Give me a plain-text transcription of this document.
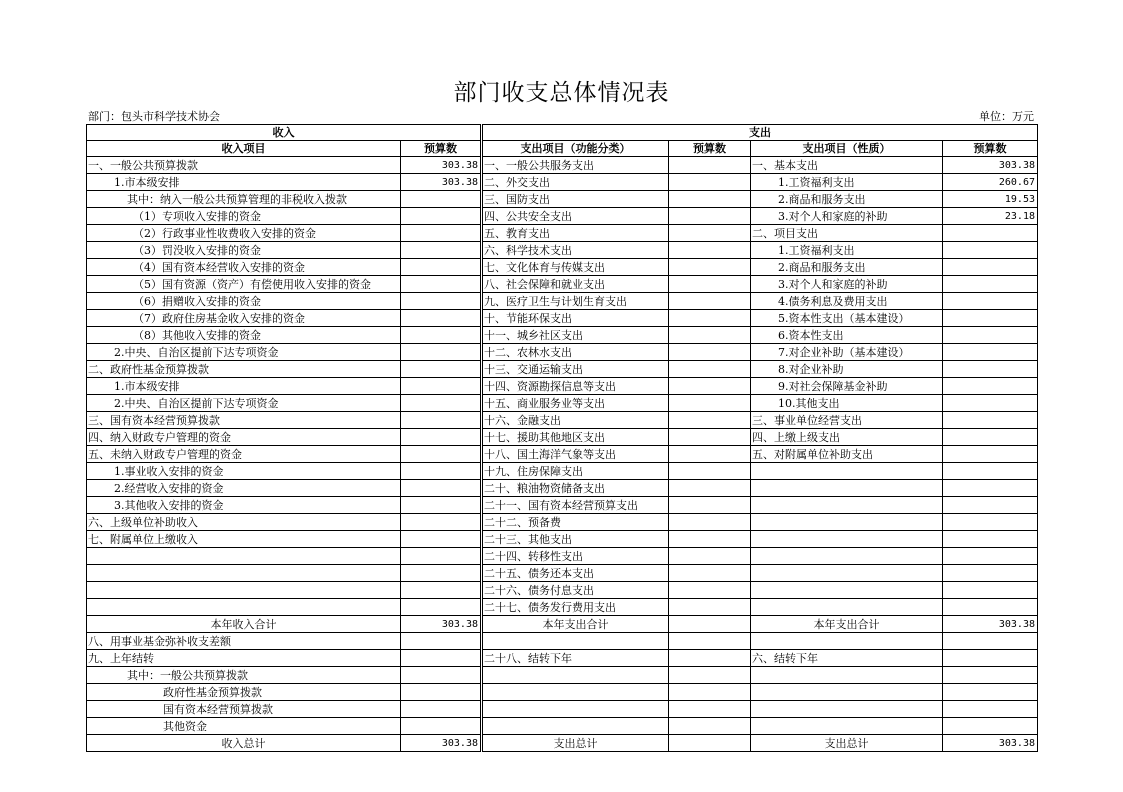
部门收支总体情况表
部门：包头市科学技术协会	单位：万元
收入			支出			
收入项目	预算数		支出项目（功能分类）	预算数	支出项目（性质）	预算数
一、一般公共预算拨款	303.38		一、一般公共服务支出		一、基本支出	303.38
1.市本级安排	303.38		二、外交支出		1.工资福利支出	260.67
其中：纳入一般公共预算管理的非税收入拨款			三、国防支出		2.商品和服务支出	19.53
（1）专项收入安排的资金			四、公共安全支出		3.对个人和家庭的补助	23.18
（2）行政事业性收费收入安排的资金			五、教育支出		二、项目支出	
（3）罚没收入安排的资金			六、科学技术支出		1.工资福利支出	
（4）国有资本经营收入安排的资金			七、文化体育与传媒支出		2.商品和服务支出	
（5）国有资源（资产）有偿使用收入安排的资金			八、社会保障和就业支出		3.对个人和家庭的补助	
（6）捐赠收入安排的资金			九、医疗卫生与计划生育支出		4.债务利息及费用支出	
（7）政府住房基金收入安排的资金			十、节能环保支出		5.资本性支出（基本建设）	
（8）其他收入安排的资金			十一、城乡社区支出		6.资本性支出	
2.中央、自治区提前下达专项资金			十二、农林水支出		7.对企业补助（基本建设）	
二、政府性基金预算拨款			十三、交通运输支出		8.对企业补助	
1.市本级安排			十四、资源勘探信息等支出		9.对社会保障基金补助	
2.中央、自治区提前下达专项资金			十五、商业服务业等支出		10.其他支出	
三、国有资本经营预算拨款			十六、金融支出		三、事业单位经营支出	
四、纳入财政专户管理的资金			十七、援助其他地区支出		四、上缴上级支出	
五、未纳入财政专户管理的资金			十八、国土海洋气象等支出		五、对附属单位补助支出	
1.事业收入安排的资金			十九、住房保障支出			
2.经营收入安排的资金			二十、粮油物资储备支出			
3.其他收入安排的资金			二十一、国有资本经营预算支出			
六、上级单位补助收入			二十二、预备费			
七、附属单位上缴收入			二十三、其他支出			
			二十四、转移性支出			
			二十五、债务还本支出			
			二十六、债务付息支出			
			二十七、债务发行费用支出			
本年收入合计	303.38		本年支出合计		本年支出合计	303.38
八、用事业基金弥补收支差额						
九、上年结转			二十八、结转下年		六、结转下年	
其中：一般公共预算拨款						
政府性基金预算拨款						
国有资本经营预算拨款						
其他资金						
收入总计	303.38		支出总计		支出总计	303.38
